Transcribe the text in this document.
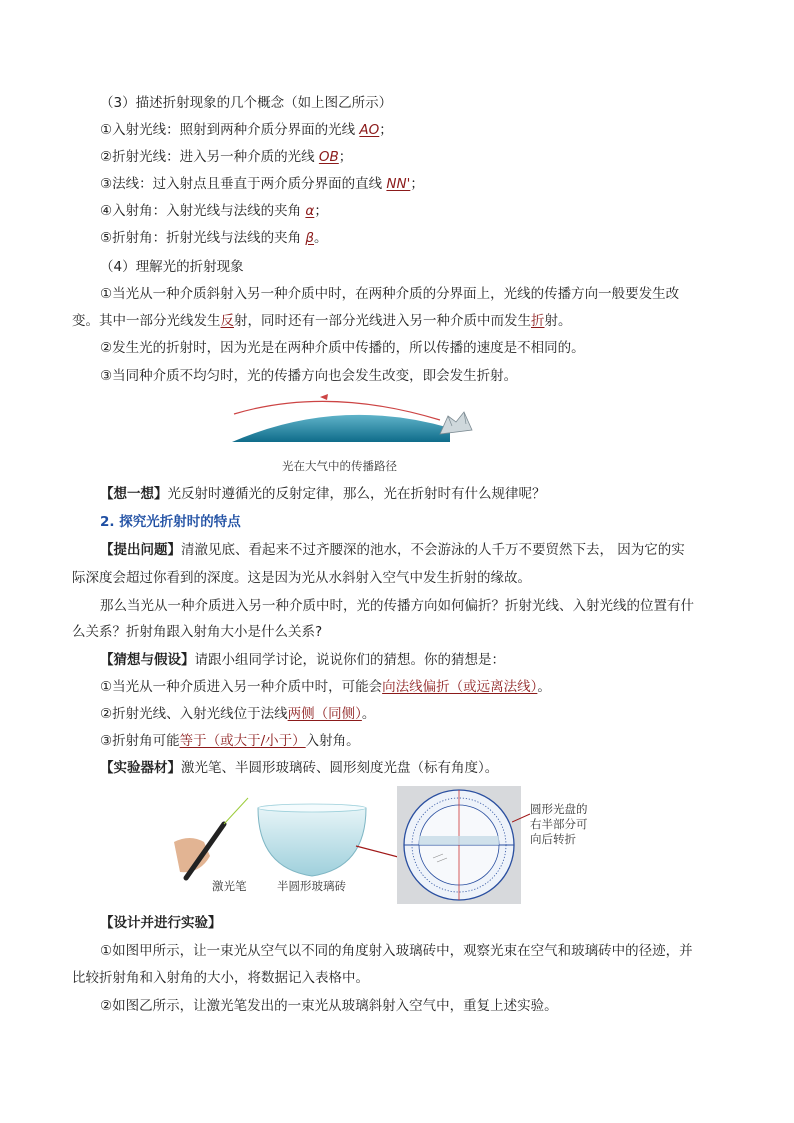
（3）描述折射现象的几个概念（如上图乙所示）
①入射光线：照射到两种介质分界面的光线 AO；
②折射光线：进入另一种介质的光线 OB；
③法线：过入射点且垂直于两介质分界面的直线 NN'；
④入射角：入射光线与法线的夹角 α；
⑤折射角：折射光线与法线的夹角 β。
（4）理解光的折射现象
①当光从一种介质斜射入另一种介质中时，在两种介质的分界面上，光线的传播方向一般要发生改
变。其中一部分光线发生反射，同时还有一部分光线进入另一种介质中而发生折射。
②发生光的折射时，因为光是在两种介质中传播的，所以传播的速度是不相同的。
③当同种介质不均匀时，光的传播方向也会发生改变，即会发生折射。
光在大气中的传播路径
【想一想】光反射时遵循光的反射定律，那么，光在折射时有什么规律呢？
2. 探究光折射时的特点
【提出问题】清澈见底、看起来不过齐腰深的池水，不会游泳的人千万不要贸然下去， 因为它的实
际深度会超过你看到的深度。这是因为光从水斜射入空气中发生折射的缘故。
那么当光从一种介质进入另一种介质中时，光的传播方向如何偏折？折射光线、入射光线的位置有什
么关系？折射角跟入射角大小是什么关系?
【猜想与假设】请跟小组同学讨论，说说你们的猜想。你的猜想是：
①当光从一种介质进入另一种介质中时，可能会向法线偏折（或远离法线）。
②折射光线、入射光线位于法线两侧（同侧）。
③折射角可能等于（或大于/小于）入射角。
【实验器材】激光笔、半圆形玻璃砖、圆形刻度光盘（标有角度）。
激光笔	半圆形玻璃砖
圆形光盘的
右半部分可
向后转折
【设计并进行实验】
①如图甲所示，让一束光从空气以不同的角度射入玻璃砖中，观察光束在空气和玻璃砖中的径迹，并
比较折射角和入射角的大小，将数据记入表格中。
②如图乙所示，让激光笔发出的一束光从玻璃斜射入空气中，重复上述实验。
